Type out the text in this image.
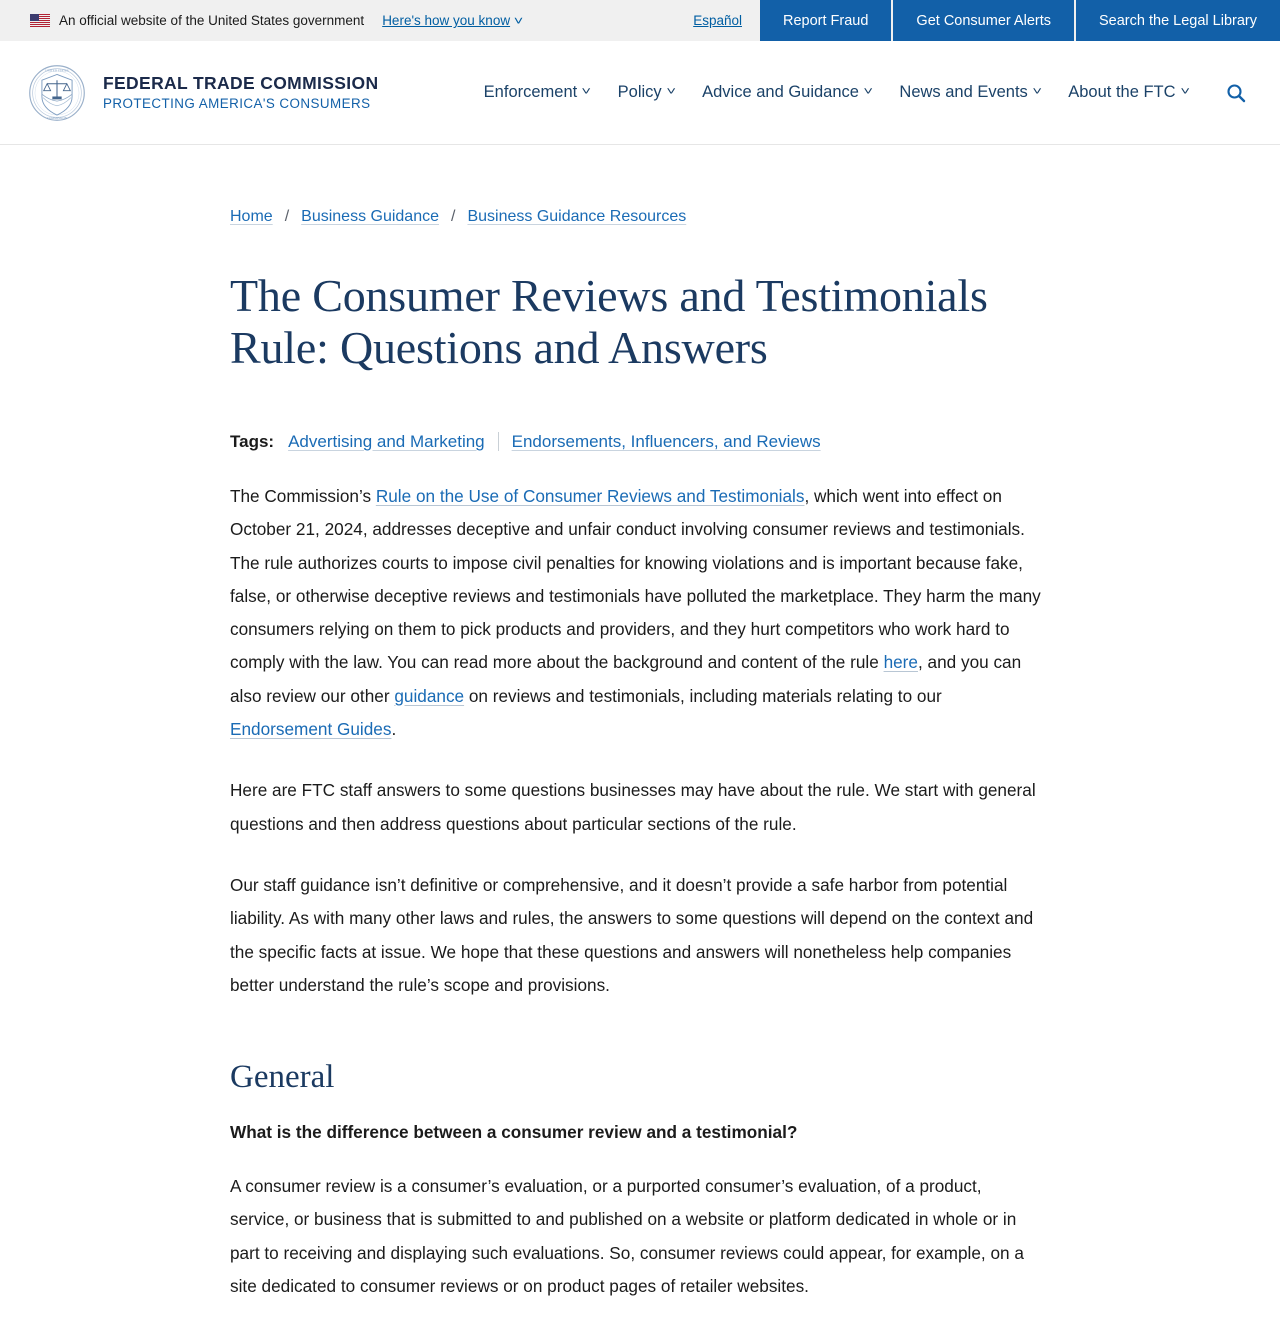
An official website of the United States government Here's how you know ˅	Español	Report Fraud	Get Consumer Alerts	Search the Legal Library
UNITED STATES
COMMISSION
FEDERAL TRADE COMMISSION
PROTECTING AMERICA'S CONSUMERS
Enforcement ˅ Policy ˅ Advice and Guidance ˅ News and Events ˅ About the FTC ˅
Home / Business Guidance / Business Guidance Resources
The Consumer Reviews and Testimonials Rule: Questions and Answers
Tags: Advertising and Marketing Endorsements, Influencers, and Reviews

The Commission’s Rule on the Use of Consumer Reviews and Testimonials, which went into effect on October 21, 2024, addresses deceptive and unfair conduct involving consumer reviews and testimonials. The rule authorizes courts to impose civil penalties for knowing violations and is important because fake, false, or otherwise deceptive reviews and testimonials have polluted the marketplace. They harm the many consumers relying on them to pick products and providers, and they hurt competitors who work hard to comply with the law. You can read more about the background and content of the rule here, and you can also review our other guidance on reviews and testimonials, including materials relating to our Endorsement Guides.

Here are FTC staff answers to some questions businesses may have about the rule. We start with general questions and then address questions about particular sections of the rule.

Our staff guidance isn’t definitive or comprehensive, and it doesn’t provide a safe harbor from potential liability. As with many other laws and rules, the answers to some questions will depend on the context and the specific facts at issue. We hope that these questions and answers will nonetheless help companies better understand the rule’s scope and provisions.

General

What is the difference between a consumer review and a testimonial?

A consumer review is a consumer’s evaluation, or a purported consumer’s evaluation, of a product, service, or business that is submitted to and published on a website or platform dedicated in whole or in part to receiving and displaying such evaluations. So, consumer reviews could appear, for example, on a site dedicated to consumer reviews or on product pages of retailer websites.
